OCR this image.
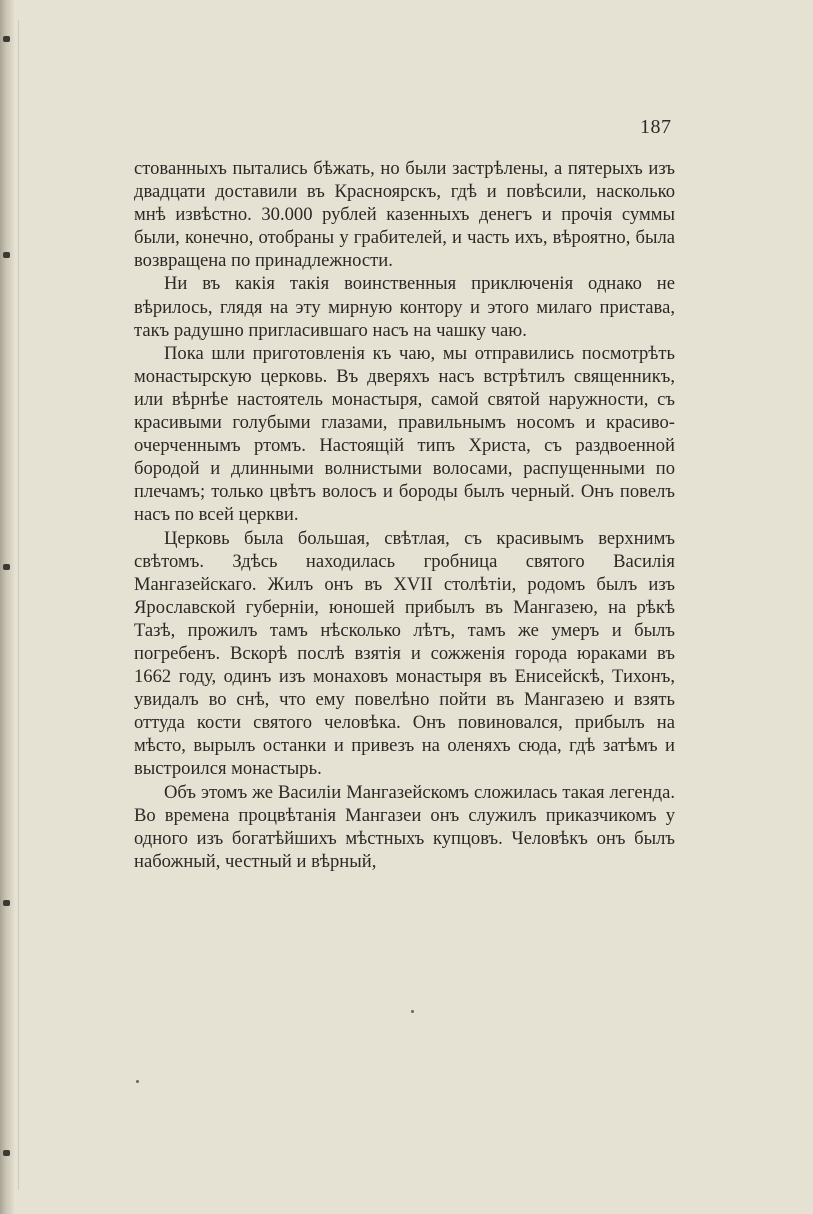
187

стованныхъ пытались бѣжать, но были застрѣлены, а пятерыхъ изъ двадцати доставили въ Красноярскъ, гдѣ и повѣсили, насколько мнѣ извѣстно. 30.000 рублей казенныхъ денегъ и прочія суммы были, конечно, отобраны у грабителей, и часть ихъ, вѣроятно, была возвращена по принадлежности.

Ни въ какія такія воинственныя приключенія однако не вѣрилось, глядя на эту мирную контору и этого милаго пристава, такъ радушно пригласившаго насъ на чашку чаю.

Пока шли приготовленія къ чаю, мы отправились посмотрѣть монастырскую церковь. Въ дверяхъ насъ встрѣтилъ священникъ, или вѣрнѣе настоятель монастыря, самой святой наружности, съ красивыми голубыми глазами, правильнымъ носомъ и красиво-очерченнымъ ртомъ. Настоящій типъ Христа, съ раздвоенной бородой и длинными волнистыми волосами, распущенными по плечамъ; только цвѣтъ волосъ и бороды былъ черный. Онъ повелъ насъ по всей церкви.

Церковь была большая, свѣтлая, съ красивымъ верхнимъ свѣтомъ. Здѣсь находилась гробница святого Василія Мангазейскаго. Жилъ онъ въ XVII столѣтіи, родомъ былъ изъ Ярославской губерніи, юношей прибылъ въ Мангазею, на рѣкѣ Тазѣ, прожилъ тамъ нѣсколько лѣтъ, тамъ же умеръ и былъ погребенъ. Вскорѣ послѣ взятія и сожженія города юраками въ 1662 году, одинъ изъ монаховъ монастыря въ Енисейскѣ, Тихонъ, увидалъ во снѣ, что ему повелѣно пойти въ Мангазею и взять оттуда кости святого человѣка. Онъ повиновался, прибылъ на мѣсто, вырылъ останки и привезъ на оленяхъ сюда, гдѣ затѣмъ и выстроился монастырь.

Объ этомъ же Василіи Мангазейскомъ сложилась такая легенда. Во времена процвѣтанія Мангазеи онъ служилъ приказчикомъ у одного изъ богатѣйшихъ мѣстныхъ купцовъ. Человѣкъ онъ былъ набожный, честный и вѣрный,
